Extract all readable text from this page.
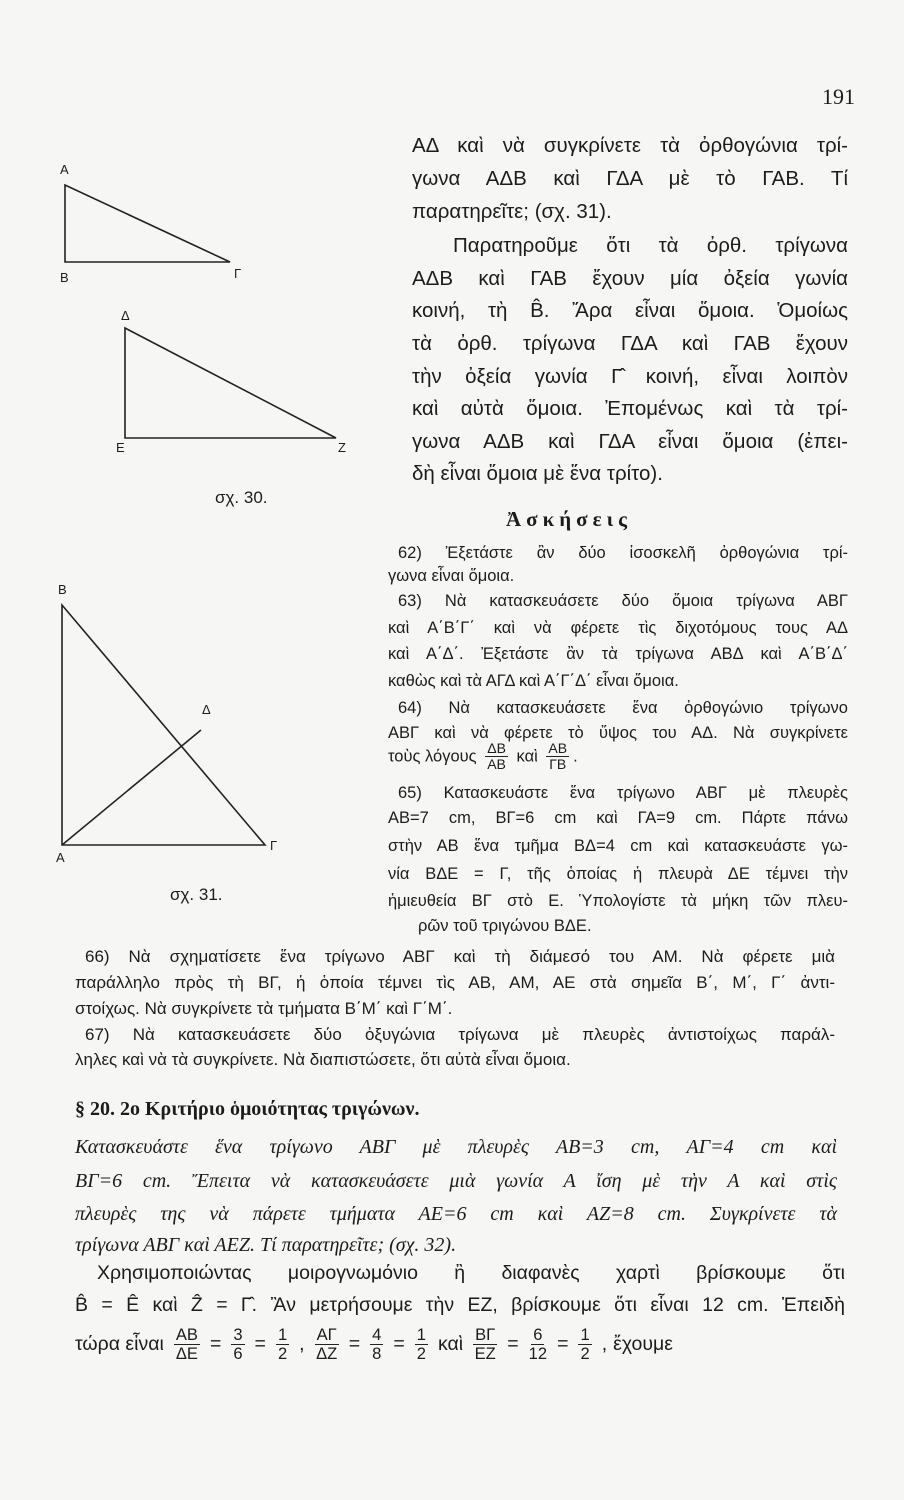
191
A
B	Γ
Δ
E	Z
σχ. 30.
B
Δ
A
Γ
σχ. 31.
ΑΔ καὶ νὰ συγκρίνετε τὰ ὀρθογώνια τρί-
γωνα ΑΔΒ καὶ ΓΔΑ μὲ τὸ ΓΑΒ. Τί
παρατηρεῖτε; (σχ. 31).
Παρατηροῦμε ὅτι τὰ ὀρθ. τρίγωνα
ΑΔΒ καὶ ΓΑΒ ἔχουν μία ὀξεία γωνία
κοινή, τὴ B̂. Ἄρα εἶναι ὅμοια. Ὁμοίως
τὰ ὀρθ. τρίγωνα ΓΔΑ καὶ ΓΑΒ ἔχουν
τὴν ὀξεία γωνία Γ̂ κοινή, εἶναι λοιπὸν
καὶ αὐτὰ ὅμοια. Ἐπομένως καὶ τὰ τρί-
γωνα ΑΔΒ καὶ ΓΔΑ εἶναι ὅμοια (ἐπει-
δὴ εἶναι ὅμοια μὲ ἕνα τρίτο).
Ἀσκήσεις
62) Ἐξετάστε ἂν δύο ἰσοσκελῆ ὀρθογώνια τρί-
γωνα εἶναι ὅμοια.
63) Νὰ κατασκευάσετε δύο ὅμοια τρίγωνα ΑΒΓ
καὶ Α΄Β΄Γ΄ καὶ νὰ φέρετε τὶς διχοτόμους τους ΑΔ
καὶ Α΄Δ΄. Ἐξετάστε ἂν τὰ τρίγωνα ΑΒΔ καὶ Α΄Β΄Δ΄
καθὼς καὶ τὰ ΑΓΔ καὶ Α΄Γ΄Δ΄ εἶναι ὅμοια.
64) Νὰ κατασκευάσετε ἕνα ὀρθογώνιο τρίγωνο
ΑΒΓ καὶ νὰ φέρετε τὸ ὕψος του ΑΔ. Νὰ συγκρίνετε
τοὺς λόγους $\frac{\Delta B}{AB}$ καὶ $\frac{AB}{\Gamma B}$ .
65) Κατασκευάστε ἕνα τρίγωνο ΑΒΓ μὲ πλευρὲς
ΑΒ=7 cm, ΒΓ=6 cm καὶ ΓΑ=9 cm. Πάρτε πάνω
στὴν ΑΒ ἕνα τμῆμα ΒΔ=4 cm καὶ κατασκευάστε γω-
νία ΒΔΕ = Γ, τῆς ὁποίας ἡ πλευρὰ ΔΕ τέμνει τὴν
ἡμιευθεία ΒΓ στὸ Ε. Ὑπολογίστε τὰ μήκη τῶν πλευ-
ρῶν τοῦ τριγώνου ΒΔΕ.
66) Νὰ σχηματίσετε ἕνα τρίγωνο ΑΒΓ καὶ τὴ διάμεσό του ΑΜ. Νὰ φέρετε μιὰ
παράλληλο πρὸς τὴ ΒΓ, ἡ ὁποία τέμνει τὶς ΑΒ, ΑΜ, ΑΕ στὰ σημεῖα Β΄, Μ΄, Γ΄ ἀντι-
στοίχως. Νὰ συγκρίνετε τὰ τμήματα Β΄Μ΄ καὶ Γ΄Μ΄.
67) Νὰ κατασκευάσετε δύο ὀξυγώνια τρίγωνα μὲ πλευρὲς ἀντιστοίχως παράλ-
ληλες καὶ νὰ τὰ συγκρίνετε. Νὰ διαπιστώσετε, ὅτι αὐτὰ εἶναι ὅμοια.
§ 20. 2ο Κριτήριο ὁμοιότητας τριγώνων.
Κατασκευάστε ἕνα τρίγωνο ΑΒΓ μὲ πλευρὲς ΑΒ=3 cm, ΑΓ=4 cm καὶ
ΒΓ=6 cm. Ἔπειτα νὰ κατασκευάσετε μιὰ γωνία Α ἴση μὲ τὴν Α καὶ στὶς
πλευρὲς της νὰ πάρετε τμήματα ΑΕ=6 cm καὶ ΑΖ=8 cm. Συγκρίνετε τὰ
τρίγωνα ΑΒΓ καὶ ΑΕΖ. Τί παρατηρεῖτε; (σχ. 32).
Χρησιμοποιώντας μοιρογνωμόνιο ἢ διαφανὲς χαρτὶ βρίσκουμε ὅτι
B̂ = Ê καὶ Ẑ = Γ̂. Ἂν μετρήσουμε τὴν ΕΖ, βρίσκουμε ὅτι εἶναι 12 cm. Ἐπειδὴ
τώρα εἶναι $\frac{AB}{\Delta E} = \frac{3}{6} = \frac{1}{2}$ , $\frac{A\Gamma}{\Delta Z} = \frac{4}{8} = \frac{1}{2}$ καὶ $\frac{B\Gamma}{EZ} = \frac{6}{12} = \frac{1}{2}$ , ἔχουμε
